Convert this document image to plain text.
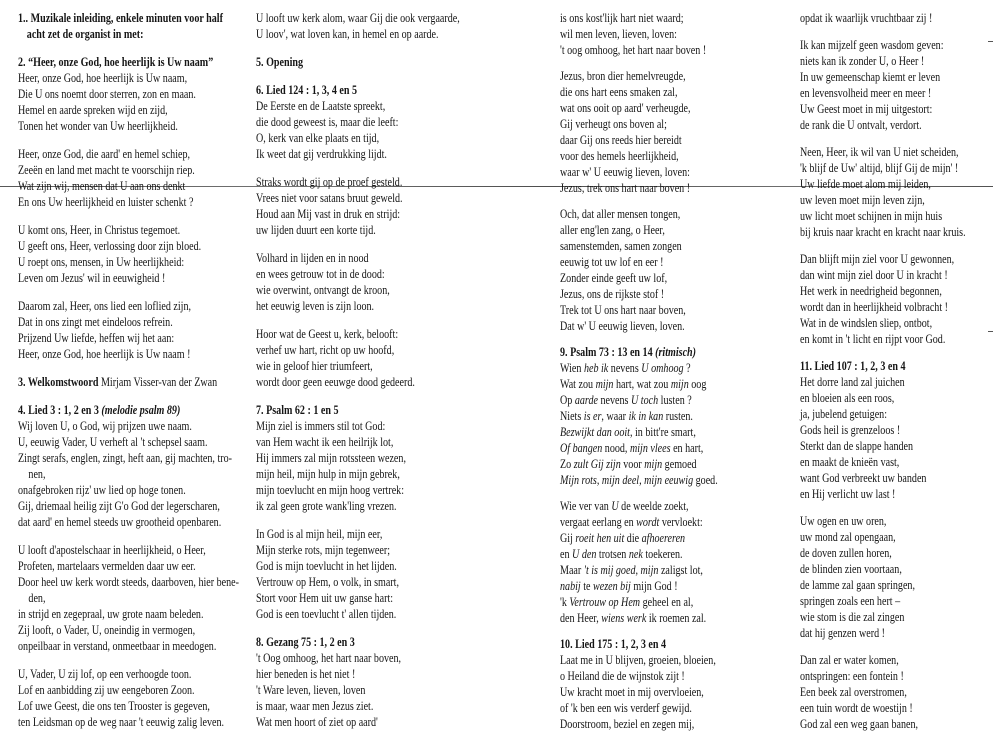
1.. Muzikale inleiding, enkele minuten voor half
acht zet de organist in met:
2. “Heer, onze God, hoe heerlijk is Uw naam”
Heer, onze God, hoe heerlijk is Uw naam,
Die U ons noemt door sterren, zon en maan.
Hemel en aarde spreken wijd en zijd,
Tonen het wonder van Uw heerlijkheid.
Heer, onze God, die aard' en hemel schiep,
Zeeën en land met macht te voorschijn riep.
Wat zijn wij, mensen dat U aan ons denkt
En ons Uw heerlijkheid en luister schenkt ?
U komt ons, Heer, in Christus tegemoet.
U geeft ons, Heer, verlossing door zijn bloed.
U roept ons, mensen, in Uw heerlijkheid:
Leven om Jezus' wil in eeuwigheid !
Daarom zal, Heer, ons lied een loflied zijn,
Dat in ons zingt met eindeloos refrein.
Prijzend Uw liefde, heffen wij het aan:
Heer, onze God, hoe heerlijk is Uw naam !
3. Welkomstwoord Mirjam Visser-van der Zwan
4. Lied 3 : 1, 2 en 3 (melodie psalm 89)
Wij loven U, o God, wij prijzen uwe naam.
U, eeuwig Vader, U verheft al 't schepsel saam.
Zingt serafs, englen, zingt, heft aan, gij machten, tro-
nen,
onafgebroken rijz' uw lied op hoge tonen.
Gij, driemaal heilig zijt G'o God der legerscharen,
dat aard' en hemel steeds uw grootheid openbaren.
U looft d'apostelschaar in heerlijkheid, o Heer,
Profeten, martelaars vermelden daar uw eer.
Door heel uw kerk wordt steeds, daarboven, hier bene-
den,
in strijd en zegepraal, uw grote naam beleden.
Zij looft, o Vader, U, oneindig in vermogen,
onpeilbaar in verstand, onmeetbaar in meedogen.
U, Vader, U zij lof, op een verhoogde toon.
Lof en aanbidding zij uw eengeboren Zoon.
Lof uwe Geest, die ons ten Trooster is gegeven,
ten Leidsman op de weg naar 't eeuwig zalig leven.
U looft uw kerk alom, waar Gij die ook vergaarde,
U loov', wat loven kan, in hemel en op aarde.
5. Opening
6. Lied 124 : 1, 3, 4 en 5
De Eerste en de Laatste spreekt,
die dood geweest is, maar die leeft:
O, kerk van elke plaats en tijd,
Ik weet dat gij verdrukking lijdt.
Straks wordt gij op de proef gesteld.
Vrees niet voor satans bruut geweld.
Houd aan Mij vast in druk en strijd:
uw lijden duurt een korte tijd.
Volhard in lijden en in nood
en wees getrouw tot in de dood:
wie overwint, ontvangt de kroon,
het eeuwig leven is zijn loon.
Hoor wat de Geest u, kerk, belooft:
verhef uw hart, richt op uw hoofd,
wie in geloof hier triumfeert,
wordt door geen eeuwge dood gedeerd.
7. Psalm 62 : 1 en 5
Mijn ziel is immers stil tot God:
van Hem wacht ik een heilrijk lot,
Hij immers zal mijn rotssteen wezen,
mijn heil, mijn hulp in mijn gebrek,
mijn toevlucht en mijn hoog vertrek:
ik zal geen grote wank'ling vrezen.
In God is al mijn heil, mijn eer,
Mijn sterke rots, mijn tegenweer;
God is mijn toevlucht in het lijden.
Vertrouw op Hem, o volk, in smart,
Stort voor Hem uit uw ganse hart:
God is een toevlucht t' allen tijden.
8. Gezang 75 : 1, 2 en 3
't Oog omhoog, het hart naar boven,
hier beneden is het niet !
't Ware leven, lieven, loven
is maar, waar men Jezus ziet.
Wat men hoort of ziet op aard'
is ons kost'lijk hart niet waard;
wil men leven, lieven, loven:
't oog omhoog, het hart naar boven !
Jezus, bron dier hemelvreugde,
die ons hart eens smaken zal,
wat ons ooit op aard' verheugde,
Gij verheugt ons boven al;
daar Gij ons reeds hier bereidt
voor des hemels heerlijkheid,
waar w' U eeuwig lieven, loven:
Jezus, trek ons hart naar boven !
Och, dat aller mensen tongen,
aller eng'len zang, o Heer,
samenstemden, samen zongen
eeuwig tot uw lof en eer !
Zonder einde geeft uw lof,
Jezus, ons de rijkste stof !
Trek tot U ons hart naar boven,
Dat w' U eeuwig lieven, loven.
9. Psalm 73 : 13 en 14 (ritmisch)
Wien heb ik nevens U omhoog ?
Wat zou mijn hart, wat zou mijn oog
Op aarde nevens U toch lusten ?
Niets is er, waar ik in kan rusten.
Bezwijkt dan ooit, in bitt're smart,
Of bangen nood, mijn vlees en hart,
Zo zult Gij zijn voor mijn gemoed
Mijn rots, mijn deel, mijn eeuwig goed.
Wie ver van U de weelde zoekt,
vergaat eerlang en wordt vervloekt:
Gij roeit hen uit die afhoereren
en U den trotsen nek toekeren.
Maar 't is mij goed, mijn zaligst lot,
nabij te wezen bij mijn God !
'k Vertrouw op Hem geheel en al,
den Heer, wiens werk ik roemen zal.
10. Lied 175 : 1, 2, 3 en 4
Laat me in U blijven, groeien, bloeien,
o Heiland die de wijnstok zijt !
Uw kracht moet in mij overvloeien,
of 'k ben een wis verderf gewijd.
Doorstroom, beziel en zegen mij,
opdat ik waarlijk vruchtbaar zij !
Ik kan mijzelf geen wasdom geven:
niets kan ik zonder U, o Heer !
In uw gemeenschap kiemt er leven
en levensvolheid meer en meer !
Uw Geest moet in mij uitgestort:
de rank die U ontvalt, verdort.
Neen, Heer, ik wil van U niet scheiden,
'k blijf de Uw' altijd, blijf Gij de mijn' !
Uw liefde moet alom mij leiden,
uw leven moet mijn leven zijn,
uw licht moet schijnen in mijn huis
bij kruis naar kracht en kracht naar kruis.
Dan blijft mijn ziel voor U gewonnen,
dan wint mijn ziel door U in kracht !
Het werk in needrigheid begonnen,
wordt dan in heerlijkheid volbracht !
Wat in de windslen sliep, ontbot,
en komt in 't licht en rijpt voor God.
11. Lied 107 : 1, 2, 3 en 4
Het dorre land zal juichen
en bloeien als een roos,
ja, jubelend getuigen:
Gods heil is grenzeloos !
Sterkt dan de slappe handen
en maakt de knieën vast,
want God verbreekt uw banden
en Hij verlicht uw last !
Uw ogen en uw oren,
uw mond zal opengaan,
de doven zullen horen,
de blinden zien voortaan,
de lamme zal gaan springen,
springen zoals een hert –
wie stom is die zal zingen
dat hij genzen werd !
Dan zal er water komen,
ontspringen: een fontein !
Een beek zal overstromen,
een tuin wordt de woestijn !
God zal een weg gaan banen,
